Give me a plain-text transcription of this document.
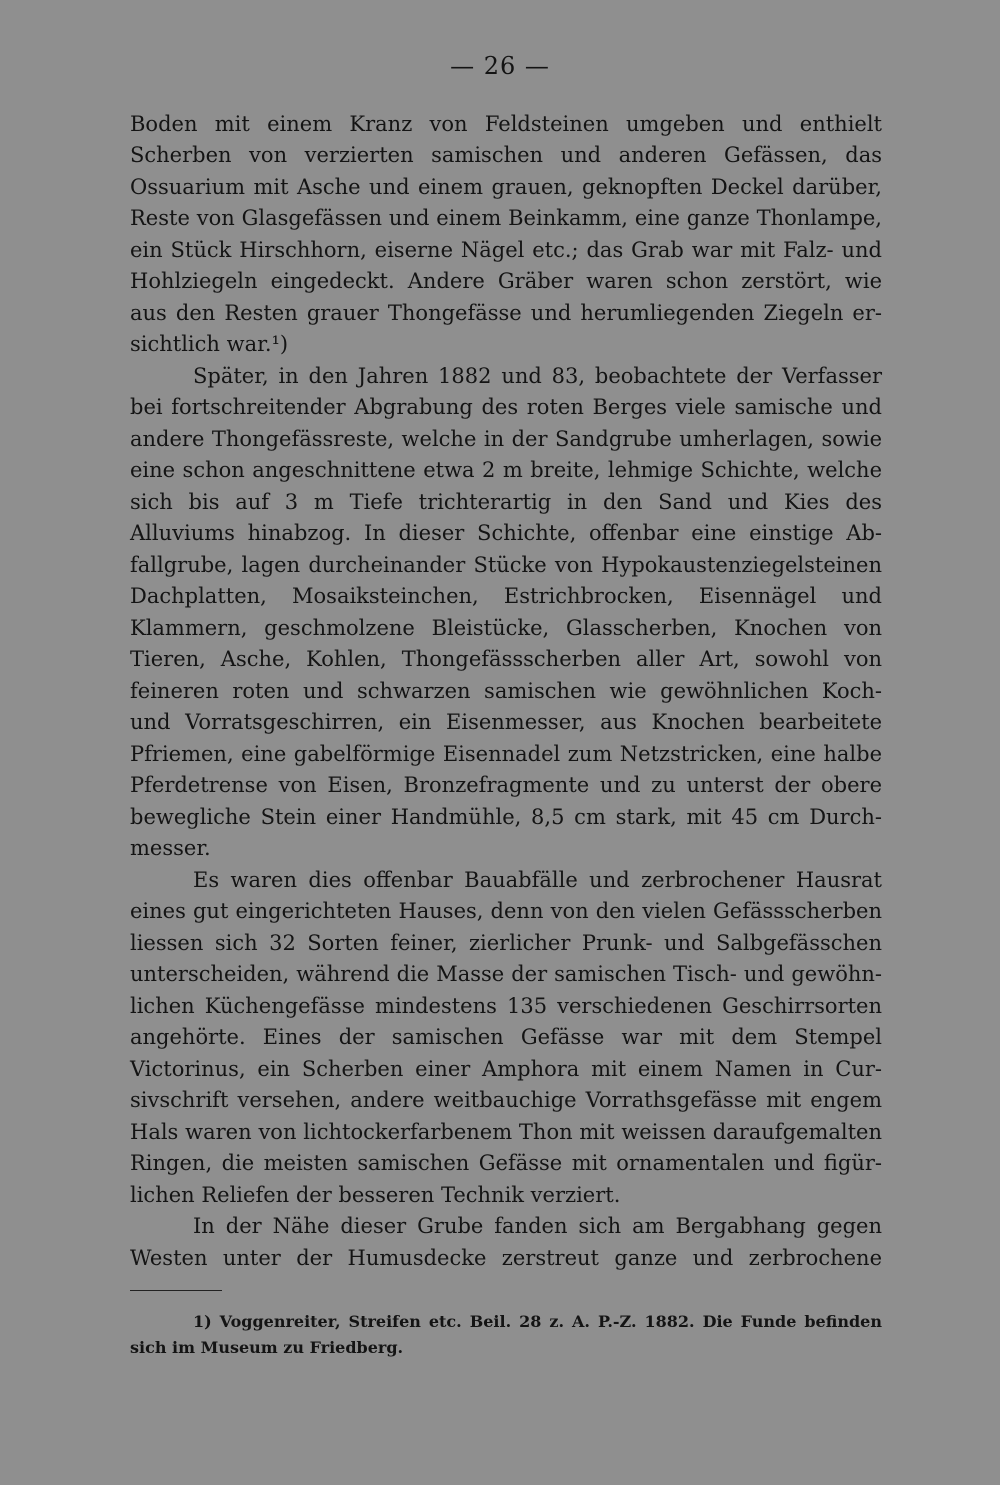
— 26 —
Boden mit einem Kranz von Feldsteinen umgeben und enthielt
Scherben von verzierten samischen und anderen Gefässen, das
Ossuarium mit Asche und einem grauen, geknopften Deckel darüber,
Reste von Glasgefässen und einem Beinkamm, eine ganze Thonlampe,
ein Stück Hirschhorn, eiserne Nägel etc.; das Grab war mit Falz- und
Hohlziegeln eingedeckt. Andere Gräber waren schon zerstört, wie
aus den Resten grauer Thongefässe und herumliegenden Ziegeln er-
sichtlich war.¹)
Später, in den Jahren 1882 und 83, beobachtete der Verfasser
bei fortschreitender Abgrabung des roten Berges viele samische und
andere Thongefässreste, welche in der Sandgrube umherlagen, sowie
eine schon angeschnittene etwa 2 m breite, lehmige Schichte, welche
sich bis auf 3 m Tiefe trichterartig in den Sand und Kies des
Alluviums hinabzog. In dieser Schichte, offenbar eine einstige Ab-
fallgrube, lagen durcheinander Stücke von Hypokaustenziegelsteinen
Dachplatten, Mosaiksteinchen, Estrichbrocken, Eisennägel und
Klammern, geschmolzene Bleistücke, Glasscherben, Knochen von
Tieren, Asche, Kohlen, Thongefässscherben aller Art, sowohl von
feineren roten und schwarzen samischen wie gewöhnlichen Koch-
und Vorratsgeschirren, ein Eisenmesser, aus Knochen bearbeitete
Pfriemen, eine gabelförmige Eisennadel zum Netzstricken, eine halbe
Pferdetrense von Eisen, Bronzefragmente und zu unterst der obere
bewegliche Stein einer Handmühle, 8,5 cm stark, mit 45 cm Durch-
messer.
Es waren dies offenbar Bauabfälle und zerbrochener Hausrat
eines gut eingerichteten Hauses, denn von den vielen Gefässscherben
liessen sich 32 Sorten feiner, zierlicher Prunk- und Salbgefässchen
unterscheiden, während die Masse der samischen Tisch- und gewöhn-
lichen Küchengefässe mindestens 135 verschiedenen Geschirrsorten
angehörte. Eines der samischen Gefässe war mit dem Stempel
Victorinus, ein Scherben einer Amphora mit einem Namen in Cur-
sivschrift versehen, andere weitbauchige Vorrathsgefässe mit engem
Hals waren von lichtockerfarbenem Thon mit weissen daraufgemalten
Ringen, die meisten samischen Gefässe mit ornamentalen und figür-
lichen Reliefen der besseren Technik verziert.
In der Nähe dieser Grube fanden sich am Bergabhang gegen
Westen unter der Humusdecke zerstreut ganze und zerbrochene
1) Voggenreiter, Streifen etc. Beil. 28 z. A. P.-Z. 1882. Die Funde befinden
sich im Museum zu Friedberg.
